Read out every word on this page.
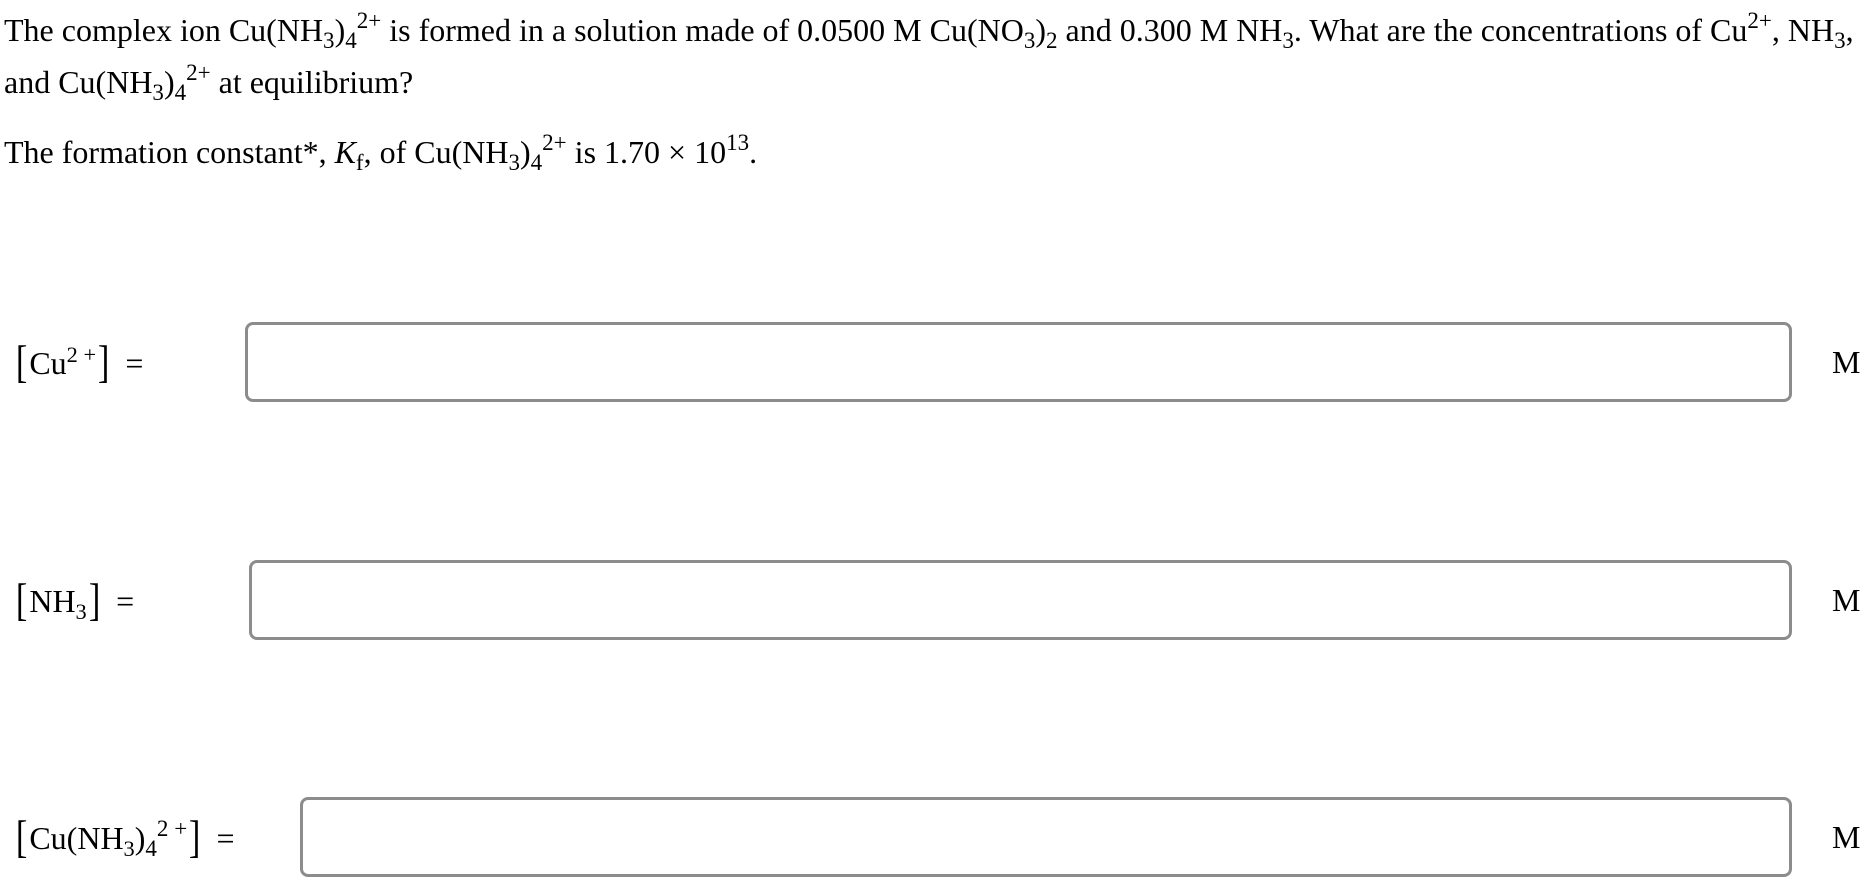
The complex ion $Cu(NH_3)_4^{2+}$ is formed in a solution made of 0.0500 M $Cu(NO_3)_2$ and 0.300 M $NH_3$. What are the concentrations of $Cu^{2+}$, $NH_3$, and $Cu(NH_3)_4^{2+}$ at equilibrium?

The formation constant*, $K_f$, of $Cu(NH_3)_4^{2+}$ is $1.70 \times 10^{13}$.

$[Cu^{2 +}]$ =	M
$[NH_3]$ =	M
$[Cu(NH_3)_4^{2 +}]$ =	M
